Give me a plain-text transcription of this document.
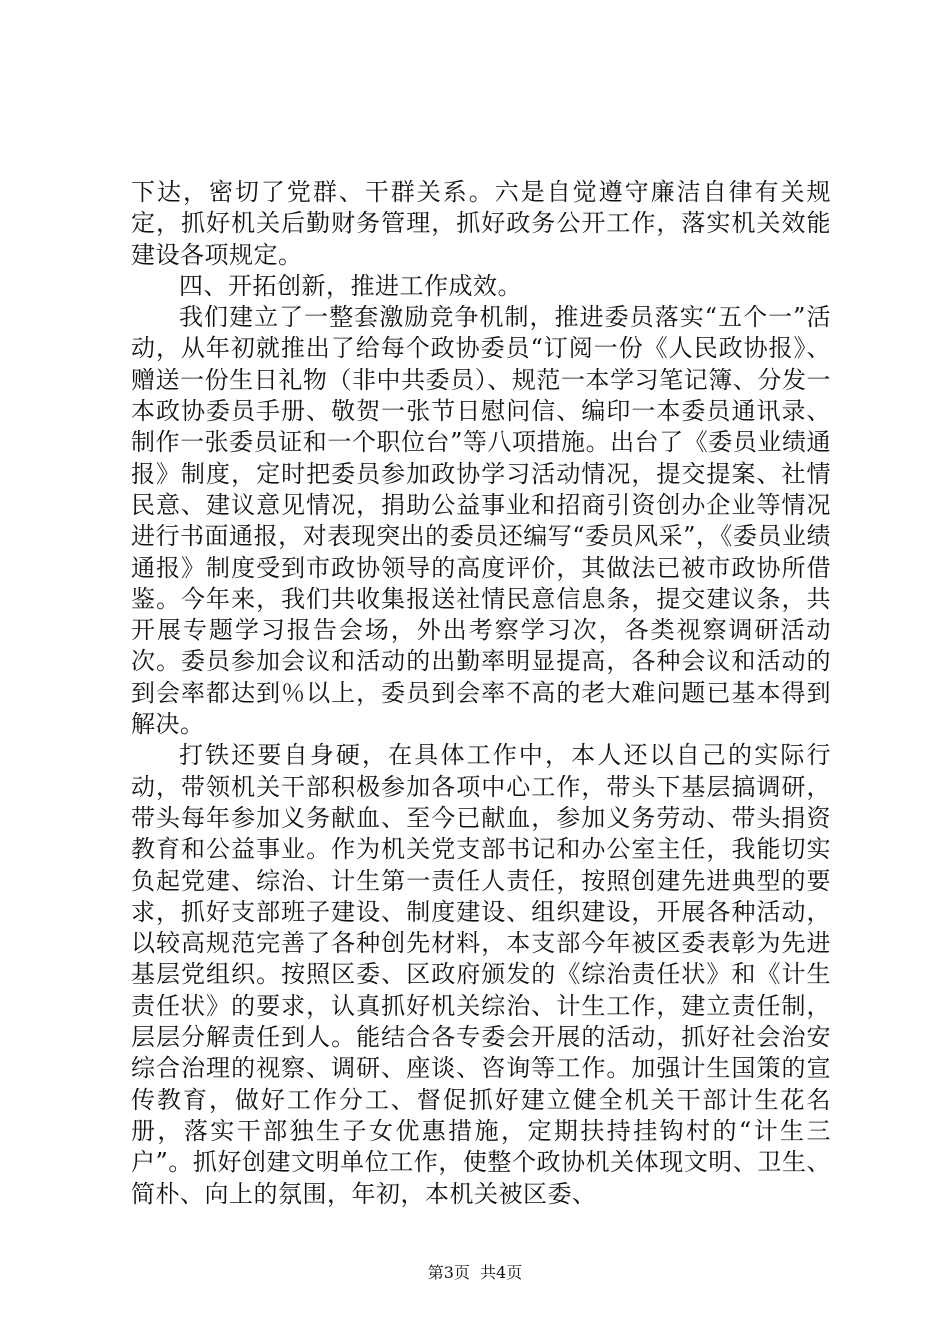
下达，密切了党群、干群关系。六是自觉遵守廉洁自律有关规定，抓好机关后勤财务管理，抓好政务公开工作，落实机关效能建设各项规定。

四、开拓创新，推进工作成效。

我们建立了一整套激励竞争机制，推进委员落实“五个一”活动，从年初就推出了给每个政协委员“订阅一份《人民政协报》、赠送一份生日礼物（非中共委员）、规范一本学习笔记簿、分发一本政协委员手册、敬贺一张节日慰问信、编印一本委员通讯录、制作一张委员证和一个职位台”等八项措施。出台了《委员业绩通报》制度，定时把委员参加政协学习活动情况，提交提案、社情民意、建议意见情况，捐助公益事业和招商引资创办企业等情况进行书面通报，对表现突出的委员还编写“委员风采”，《委员业绩通报》制度受到市政协领导的高度评价，其做法已被市政协所借鉴。今年来，我们共收集报送社情民意信息条，提交建议条，共开展专题学习报告会场，外出考察学习次，各类视察调研活动次。委员参加会议和活动的出勤率明显提高，各种会议和活动的到会率都达到％以上，委员到会率不高的老大难问题已基本得到解决。

打铁还要自身硬，在具体工作中，本人还以自己的实际行动，带领机关干部积极参加各项中心工作，带头下基层搞调研，带头每年参加义务献血、至今已献血，参加义务劳动、带头捐资教育和公益事业。作为机关党支部书记和办公室主任，我能切实负起党建、综治、计生第一责任人责任，按照创建先进典型的要求，抓好支部班子建设、制度建设、组织建设，开展各种活动，以较高规范完善了各种创先材料，本支部今年被区委表彰为先进基层党组织。按照区委、区政府颁发的《综治责任状》和《计生责任状》的要求，认真抓好机关综治、计生工作，建立责任制，层层分解责任到人。能结合各专委会开展的活动，抓好社会治安综合治理的视察、调研、座谈、咨询等工作。加强计生国策的宣传教育，做好工作分工、督促抓好建立健全机关干部计生花名册，落实干部独生子女优惠措施，定期扶持挂钩村的“计生三户”。抓好创建文明单位工作，使整个政协机关体现文明、卫生、简朴、向上的氛围，年初，本机关被区委、

第3页  共4页
